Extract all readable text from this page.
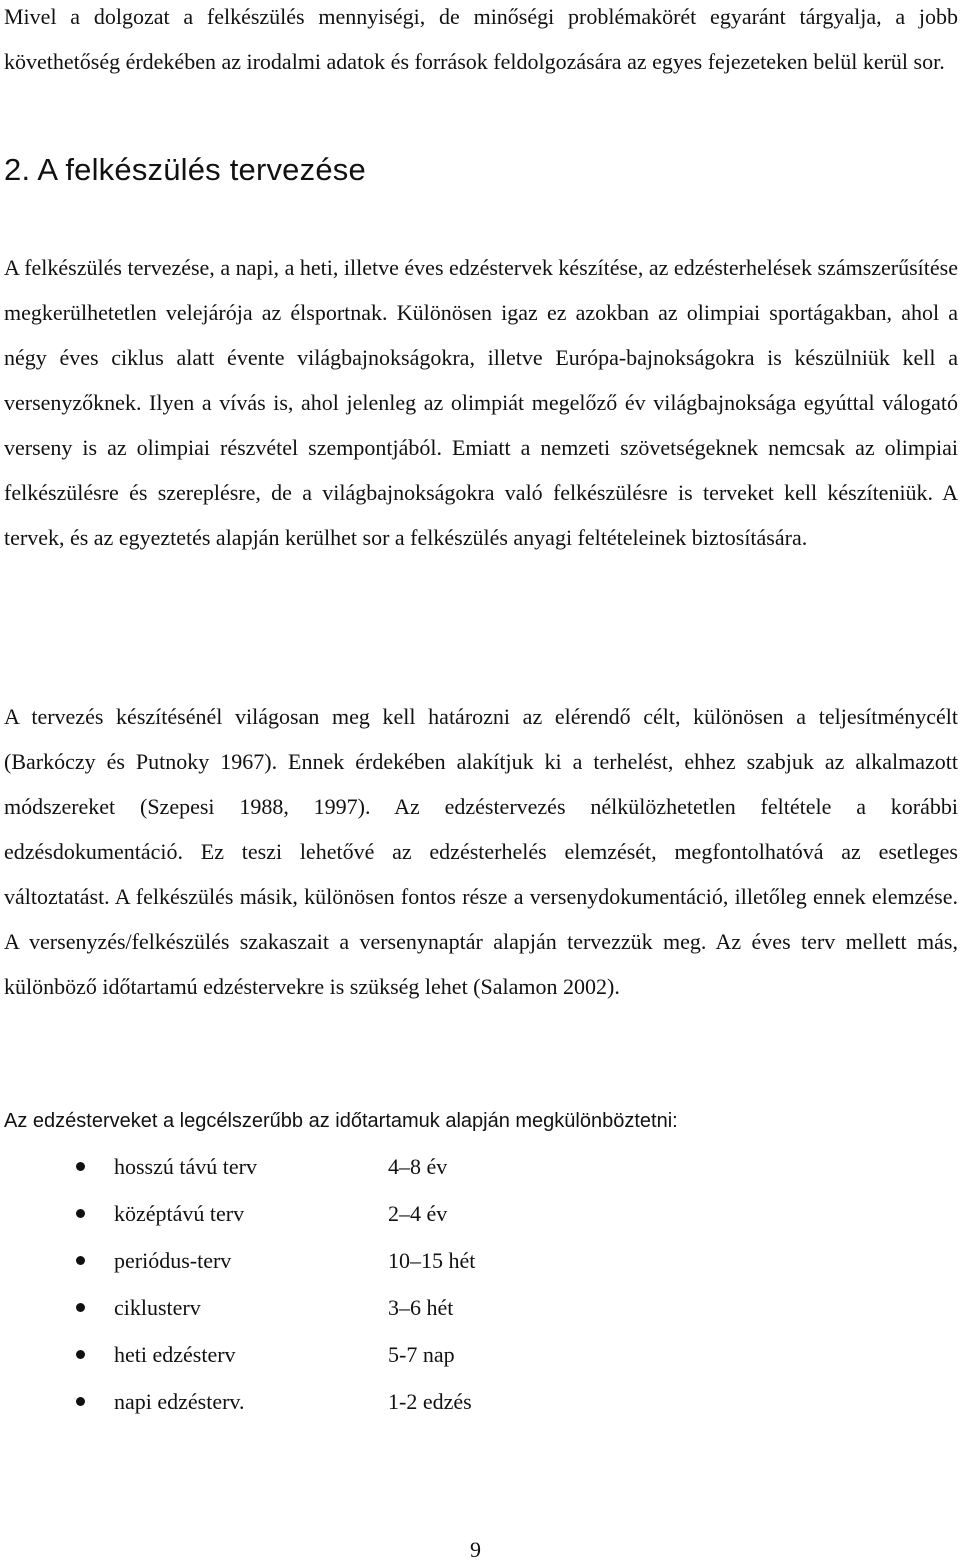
Mivel a dolgozat a felkészülés mennyiségi, de minőségi problémakörét egyaránt tárgyalja, a jobb követhetőség érdekében az irodalmi adatok és források feldolgozására az egyes fejezeteken belül kerül sor.

2. A felkészülés tervezése

A felkészülés tervezése, a napi, a heti, illetve éves edzéstervek készítése, az edzésterhelések számszerűsítése megkerülhetetlen velejárója az élsportnak. Különösen igaz ez azokban az olimpiai sportágakban, ahol a négy éves ciklus alatt évente világbajnokságokra, illetve Európa-bajnokságokra is készülniük kell a versenyzőknek. Ilyen a vívás is, ahol jelenleg az olimpiát megelőző év világbajnoksága egyúttal válogató verseny is az olimpiai részvétel szempontjából. Emiatt a nemzeti szövetségeknek nemcsak az olimpiai felkészülésre és szereplésre, de a világbajnokságokra való felkészülésre is terveket kell készíteniük. A tervek, és az egyeztetés alapján kerülhet sor a felkészülés anyagi feltételeinek biztosítására.

A tervezés készítésénél világosan meg kell határozni az elérendő célt, különösen a teljesítménycélt (Barkóczy és Putnoky 1967). Ennek érdekében alakítjuk ki a terhelést, ehhez szabjuk az alkalmazott módszereket (Szepesi 1988, 1997). Az edzéstervezés nélkülözhetetlen feltétele a korábbi edzésdokumentáció. Ez teszi lehetővé az edzésterhelés elemzését, megfontolhatóvá az esetleges változtatást. A felkészülés másik, különösen fontos része a versenydokumentáció, illetőleg ennek elemzése. A versenyzés/felkészülés szakaszait a versenynaptár alapján tervezzük meg. Az éves terv mellett más, különböző időtartamú edzéstervekre is szükség lehet (Salamon 2002).

Az edzésterveket a legcélszerűbb az időtartamuk alapján megkülönböztetni:

hosszú távú terv	4–8 év
középtávú terv	2–4 év
periódus-terv	10–15 hét
ciklusterv	3–6 hét
heti edzésterv	5-7 nap
napi edzésterv.	1-2 edzés

9
